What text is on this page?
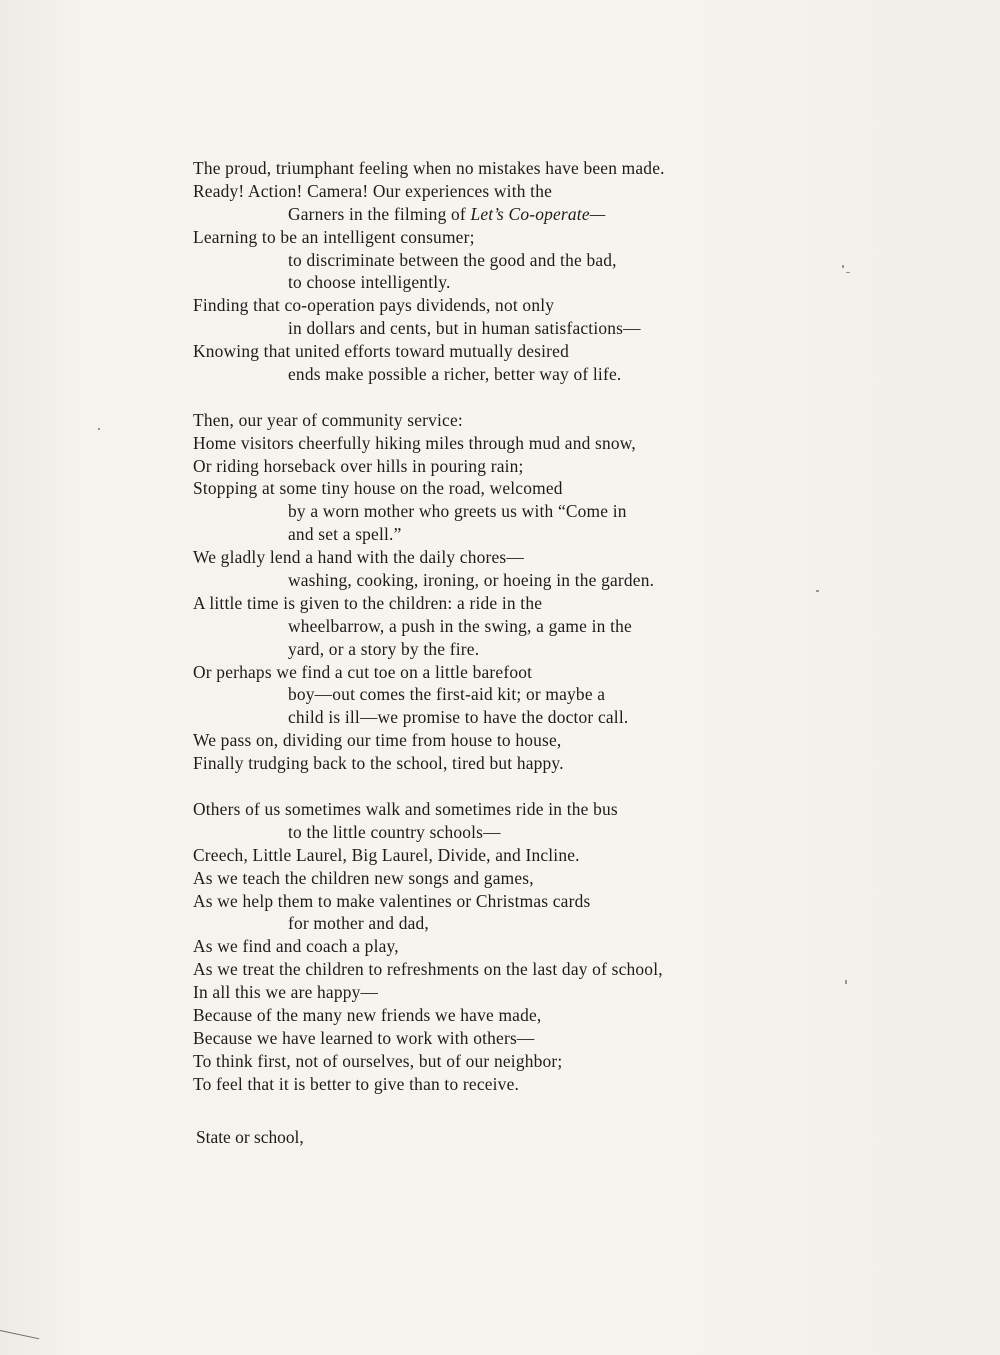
The proud, triumphant feeling when no mistakes have been made.
Ready! Action! Camera! Our experiences with the
Garners in the filming of Let’s Co-operate—
Learning to be an intelligent consumer;
to discriminate between the good and the bad,
to choose intelligently.
Finding that co-operation pays dividends, not only
in dollars and cents, but in human satisfactions—
Knowing that united efforts toward mutually desired
ends make possible a richer, better way of life.
Then, our year of community service:
Home visitors cheerfully hiking miles through mud and snow,
Or riding horseback over hills in pouring rain;
Stopping at some tiny house on the road, welcomed
by a worn mother who greets us with “Come in
and set a spell.”
We gladly lend a hand with the daily chores—
washing, cooking, ironing, or hoeing in the garden.
A little time is given to the children: a ride in the
wheelbarrow, a push in the swing, a game in the
yard, or a story by the fire.
Or perhaps we find a cut toe on a little barefoot
boy—out comes the first-aid kit; or maybe a
child is ill—we promise to have the doctor call.
We pass on, dividing our time from house to house,
Finally trudging back to the school, tired but happy.
Others of us sometimes walk and sometimes ride in the bus
to the little country schools—
Creech, Little Laurel, Big Laurel, Divide, and Incline.
As we teach the children new songs and games,
As we help them to make valentines or Christmas cards
for mother and dad,
As we find and coach a play,
As we treat the children to refreshments on the last day of school,
In all this we are happy—
Because of the many new friends we have made,
Because we have learned to work with others—
To think first, not of ourselves, but of our neighbor;
To feel that it is better to give than to receive.
State or school,
